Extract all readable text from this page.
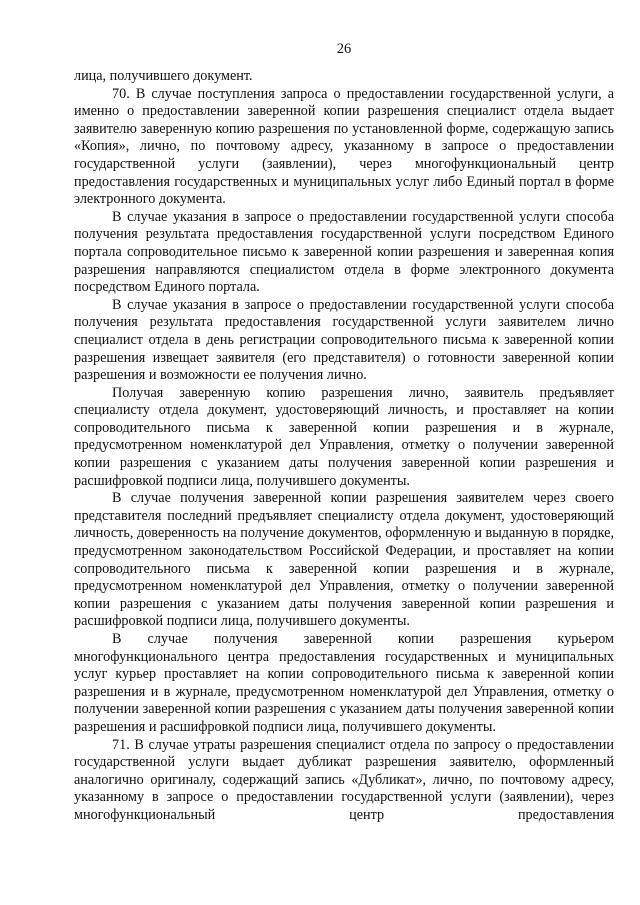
26

лица, получившего документ.

70. В случае поступления запроса о предоставлении государственной услуги, а именно о предоставлении заверенной копии разрешения специалист отдела выдает заявителю заверенную копию разрешения по установленной форме, содержащую запись «Копия», лично, по почтовому адресу, указанному в запросе о предоставлении государственной услуги (заявлении), через многофункциональный центр предоставления государственных и муниципальных услуг либо Единый портал в форме электронного документа.

В случае указания в запросе о предоставлении государственной услуги способа получения результата предоставления государственной услуги посредством Единого портала сопроводительное письмо к заверенной копии разрешения и заверенная копия разрешения направляются специалистом отдела в форме электронного документа посредством Единого портала.

В случае указания в запросе о предоставлении государственной услуги способа получения результата предоставления государственной услуги заявителем лично специалист отдела в день регистрации сопроводительного письма к заверенной копии разрешения извещает заявителя (его представителя) о готовности заверенной копии разрешения и возможности ее получения лично.

Получая заверенную копию разрешения лично, заявитель предъявляет специалисту отдела документ, удостоверяющий личность, и проставляет на копии сопроводительного письма к заверенной копии разрешения и в журнале, предусмотренном номенклатурой дел Управления, отметку о получении заверенной копии разрешения с указанием даты получения заверенной копии разрешения и расшифровкой подписи лица, получившего документы.

В случае получения заверенной копии разрешения заявителем через своего представителя последний предъявляет специалисту отдела документ, удостоверяющий личность, доверенность на получение документов, оформленную и выданную в порядке, предусмотренном законодательством Российской Федерации, и проставляет на копии сопроводительного письма к заверенной копии разрешения и в журнале, предусмотренном номенклатурой дел Управления, отметку о получении заверенной копии разрешения с указанием даты получения заверенной копии разрешения и расшифровкой подписи лица, получившего документы.

В случае получения заверенной копии разрешения курьером многофункционального центра предоставления государственных и муниципальных услуг курьер проставляет на копии сопроводительного письма к заверенной копии разрешения и в журнале, предусмотренном номенклатурой дел Управления, отметку о получении заверенной копии разрешения с указанием даты получения заверенной копии разрешения и расшифровкой подписи лица, получившего документы.

71. В случае утраты разрешения специалист отдела по запросу о предоставлении государственной услуги выдает дубликат разрешения заявителю, оформленный аналогично оригиналу, содержащий запись «Дубликат», лично, по почтовому адресу, указанному в запросе о предоставлении государственной услуги (заявлении), через многофункциональный центр предоставления
